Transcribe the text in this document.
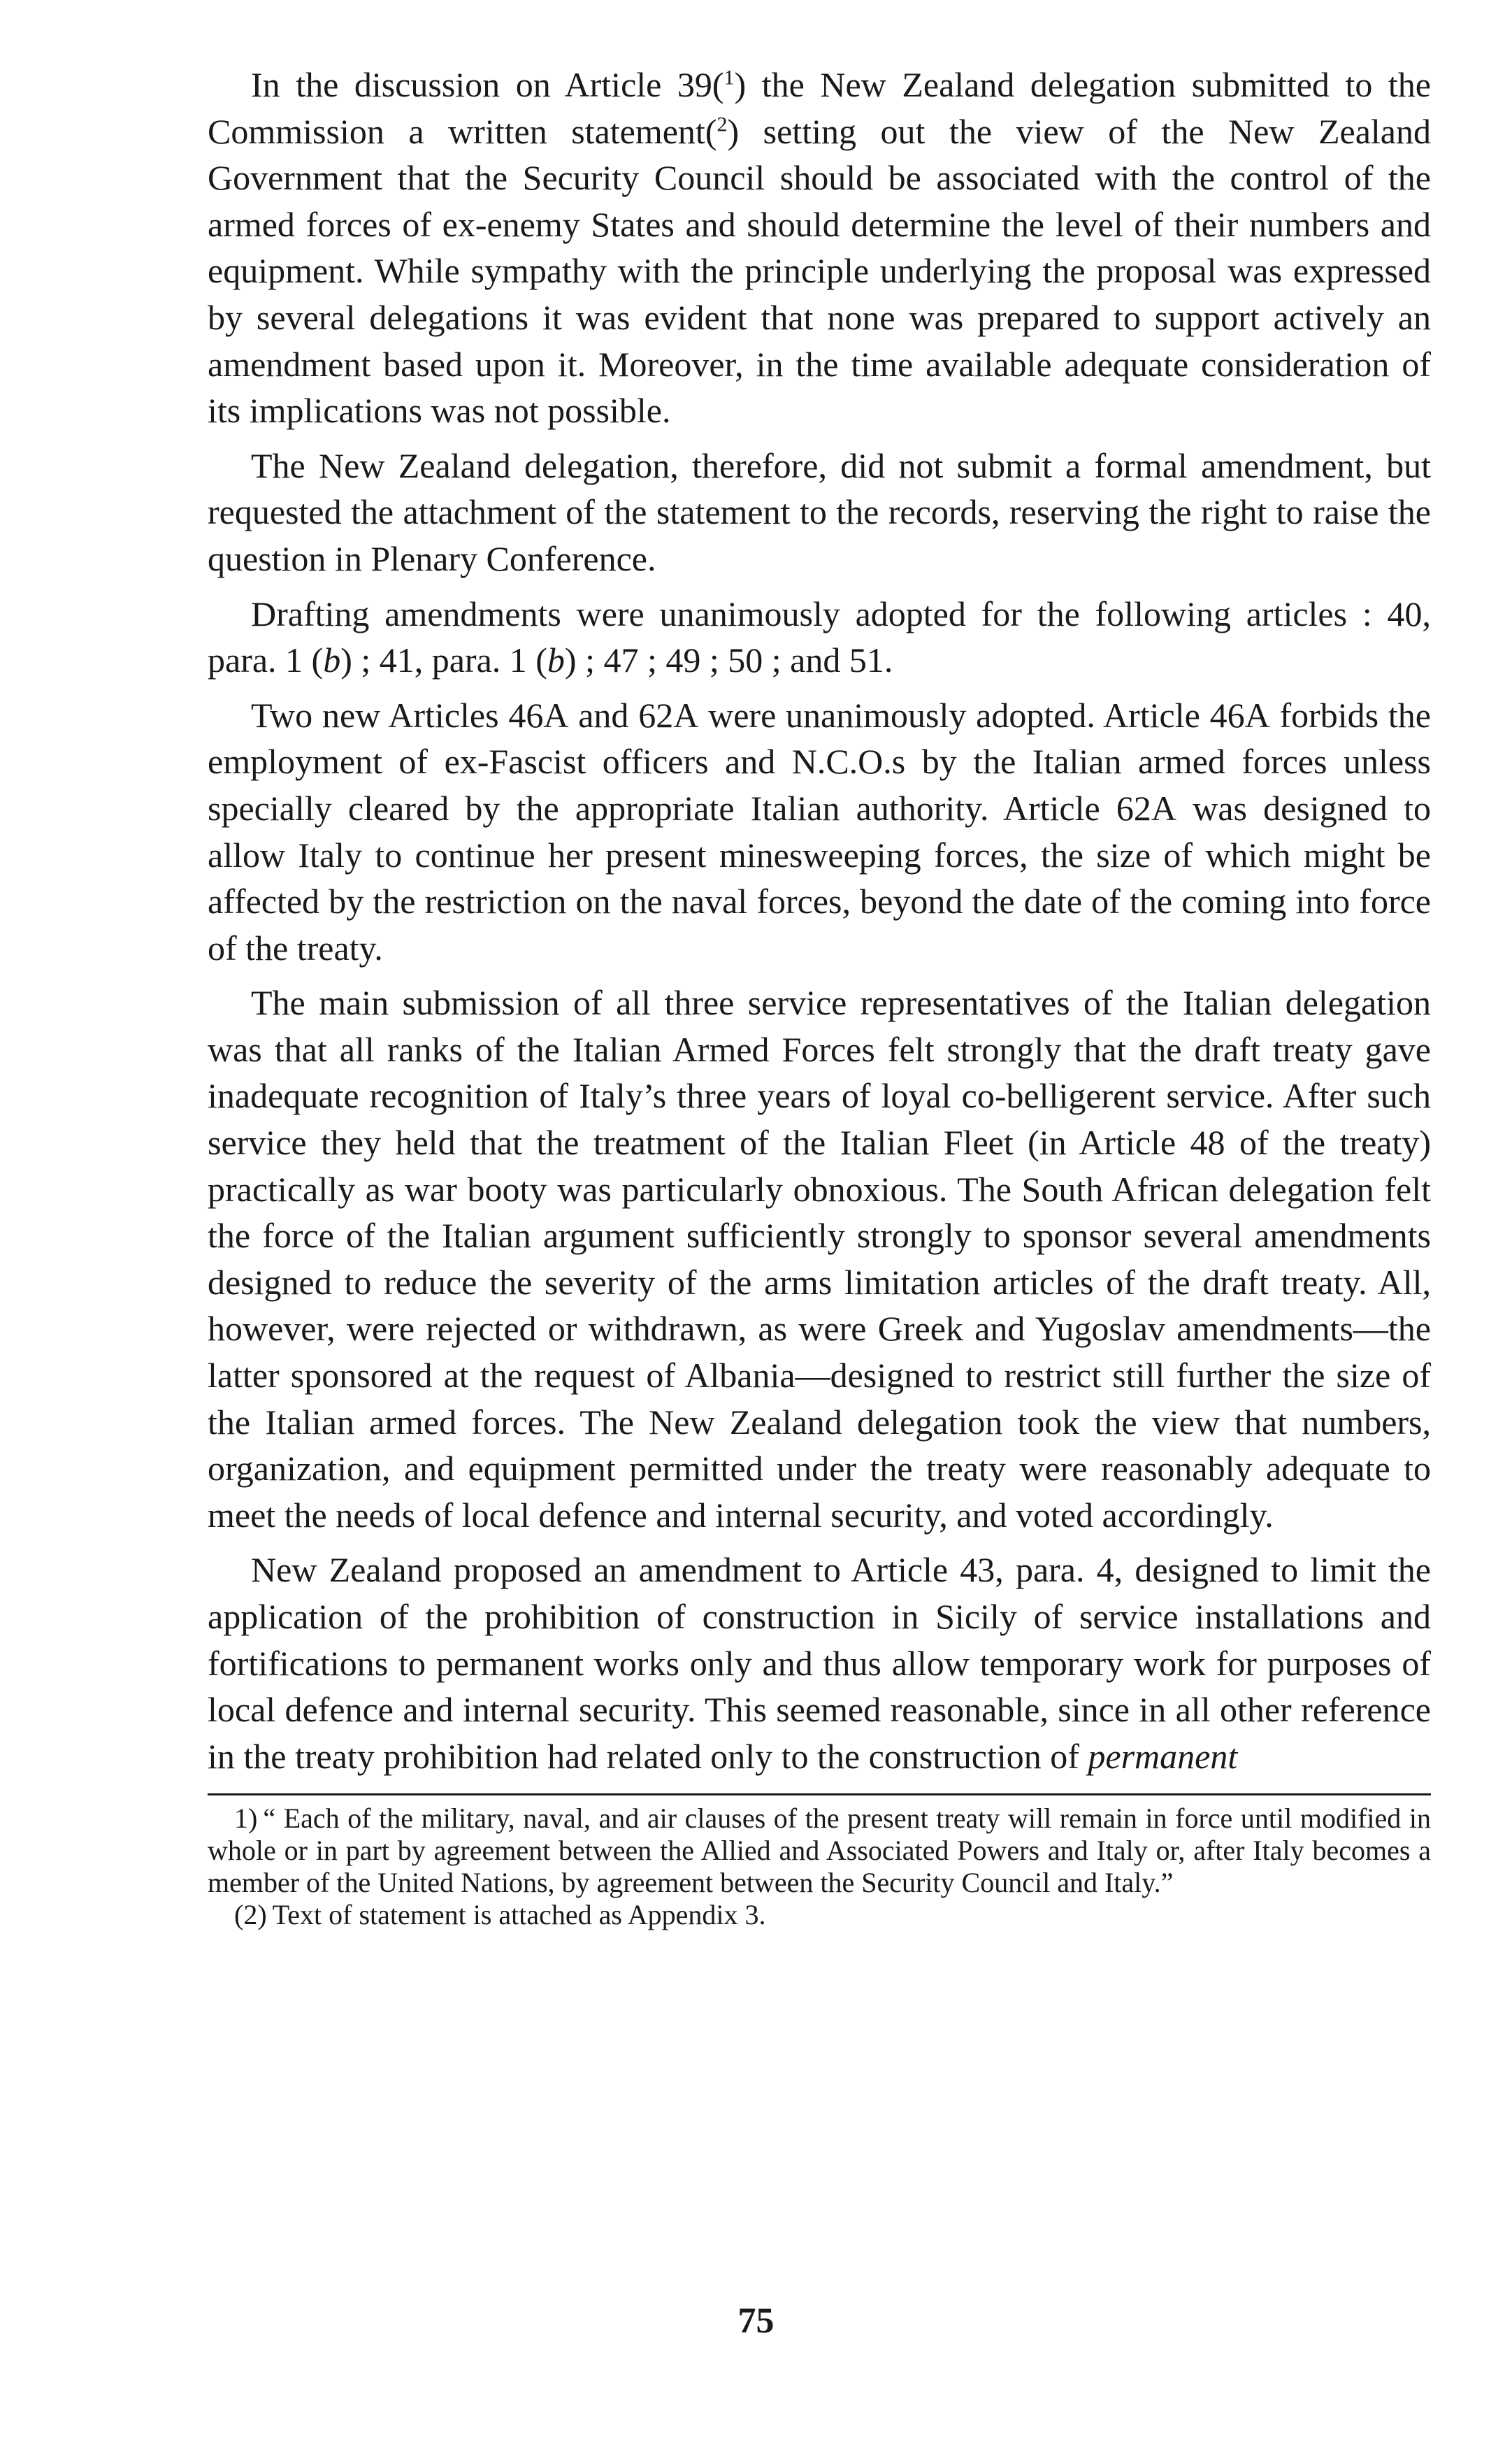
In the discussion on Article 39($^1$) the New Zealand delegation submitted to the Commission a written statement($^2$) setting out the view of the New Zealand Government that the Security Council should be associated with the control of the armed forces of ex-enemy States and should determine the level of their numbers and equipment. While sympathy with the principle underlying the proposal was expressed by several delegations it was evident that none was prepared to support actively an amendment based upon it. Moreover, in the time available adequate consideration of its implications was not possible.

The New Zealand delegation, therefore, did not submit a formal amendment, but requested the attachment of the statement to the records, reserving the right to raise the question in Plenary Conference.

Drafting amendments were unanimously adopted for the following articles : 40, para. 1 (b) ; 41, para. 1 (b) ; 47 ; 49 ; 50 ; and 51.

Two new Articles 46A and 62A were unanimously adopted. Article 46A forbids the employment of ex-Fascist officers and N.C.O.s by the Italian armed forces unless specially cleared by the appropriate Italian authority. Article 62A was designed to allow Italy to continue her present minesweeping forces, the size of which might be affected by the restriction on the naval forces, beyond the date of the coming into force of the treaty.

The main submission of all three service representatives of the Italian delegation was that all ranks of the Italian Armed Forces felt strongly that the draft treaty gave inadequate recognition of Italy’s three years of loyal co-belligerent service. After such service they held that the treatment of the Italian Fleet (in Article 48 of the treaty) practically as war booty was particularly obnoxious. The South African delegation felt the force of the Italian argument sufficiently strongly to sponsor several amendments designed to reduce the severity of the arms limitation articles of the draft treaty. All, however, were rejected or withdrawn, as were Greek and Yugoslav amendments—the latter sponsored at the request of Albania—designed to restrict still further the size of the Italian armed forces. The New Zealand delegation took the view that numbers, organization, and equipment permitted under the treaty were reasonably adequate to meet the needs of local defence and internal security, and voted accordingly.

New Zealand proposed an amendment to Article 43, para. 4, designed to limit the application of the prohibition of construction in Sicily of service installations and fortifications to permanent works only and thus allow temporary work for purposes of local defence and internal security. This seemed reasonable, since in all other reference in the treaty prohibition had related only to the construction of permanent

1) “ Each of the military, naval, and air clauses of the present treaty will remain in force until modified in whole or in part by agreement between the Allied and Associated Powers and Italy or, after Italy becomes a member of the United Nations, by agreement between the Security Council and Italy.”

(2) Text of statement is attached as Appendix 3.

75
